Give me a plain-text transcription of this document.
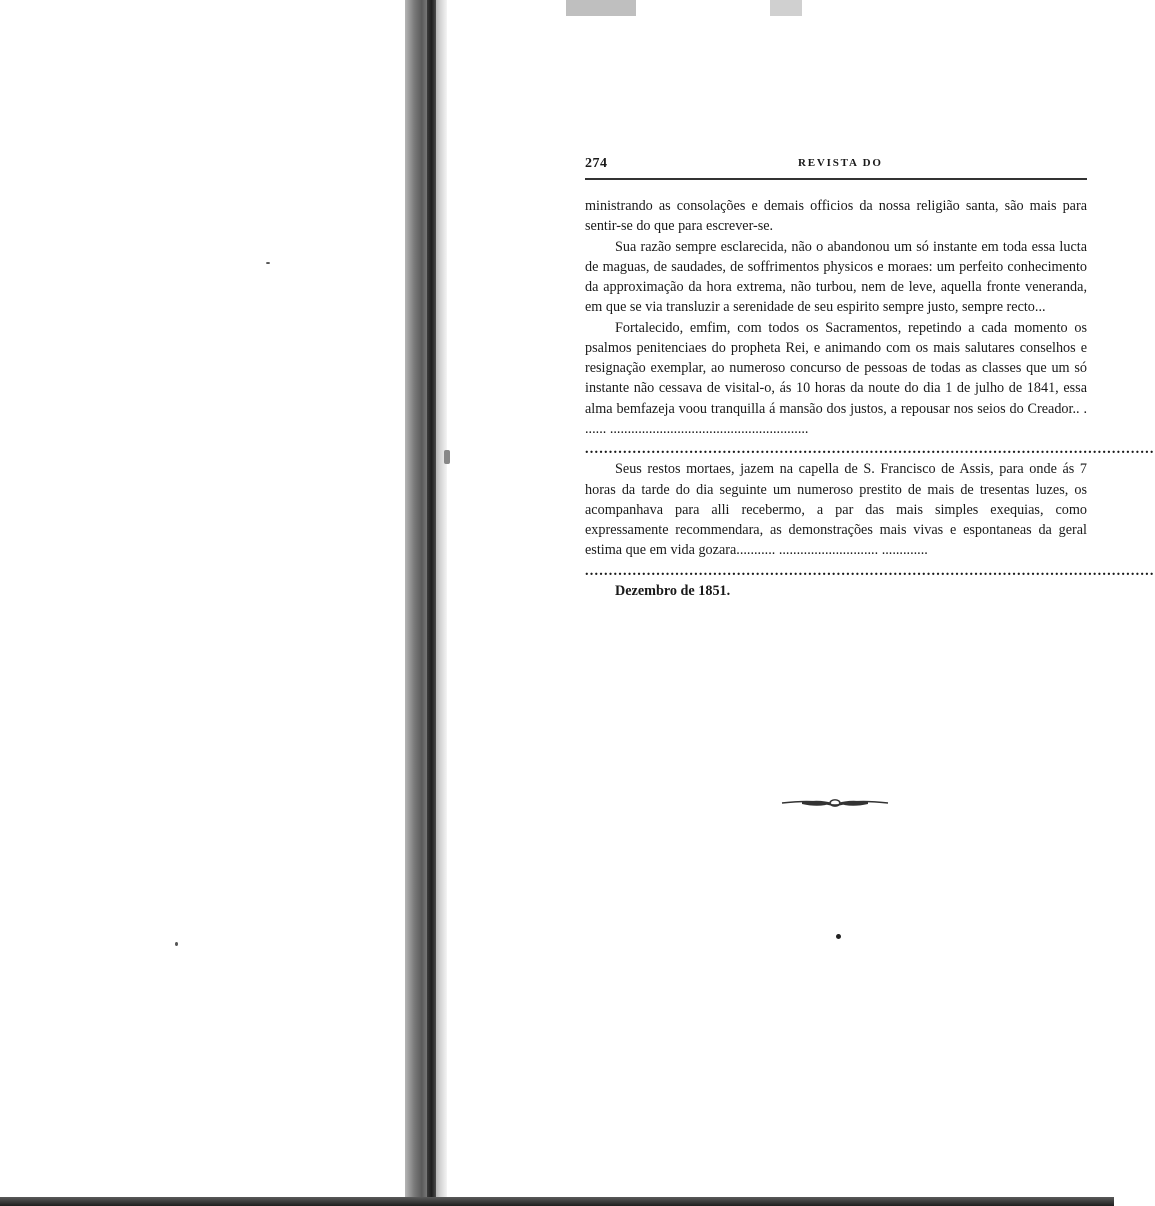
274	REVISTA DO

ministrando as consolações e demais officios da nossa religião santa, são mais para sentir-se do que para escrever-se.

Sua razão sempre esclarecida, não o abandonou um só instante em toda essa lucta de maguas, de saudades, de soffrimentos physicos e moraes: um perfeito conhecimento da approximação da hora extrema, não turbou, nem de leve, aquella fronte veneranda, em que se via transluzir a serenidade de seu espirito sempre justo, sempre recto...

Fortalecido, emfim, com todos os Sacramentos, repetindo a cada momento os psalmos penitenciaes do propheta Rei, e animando com os mais salutares conselhos e resignação exemplar, ao numeroso concurso de pessoas de todas as classes que um só instante não cessava de visital-o, ás 10 horas da noute do dia 1 de julho de 1841, essa alma bemfazeja voou tranquilla á mansão dos justos, a repousar nos seios do Creador.. . ...... ........................................................

........................................................................................................................

Seus restos mortaes, jazem na capella de S. Francisco de Assis, para onde ás 7 horas da tarde do dia seguinte um numeroso prestito de mais de tresentas luzes, os acompanhava para alli recebermo, a par das mais simples exequias, como expressamente recommendara, as demonstrações mais vivas e espontaneas da geral estima que em vida gozara........... ............................ .............

........................................................................................................................

Dezembro de 1851.
